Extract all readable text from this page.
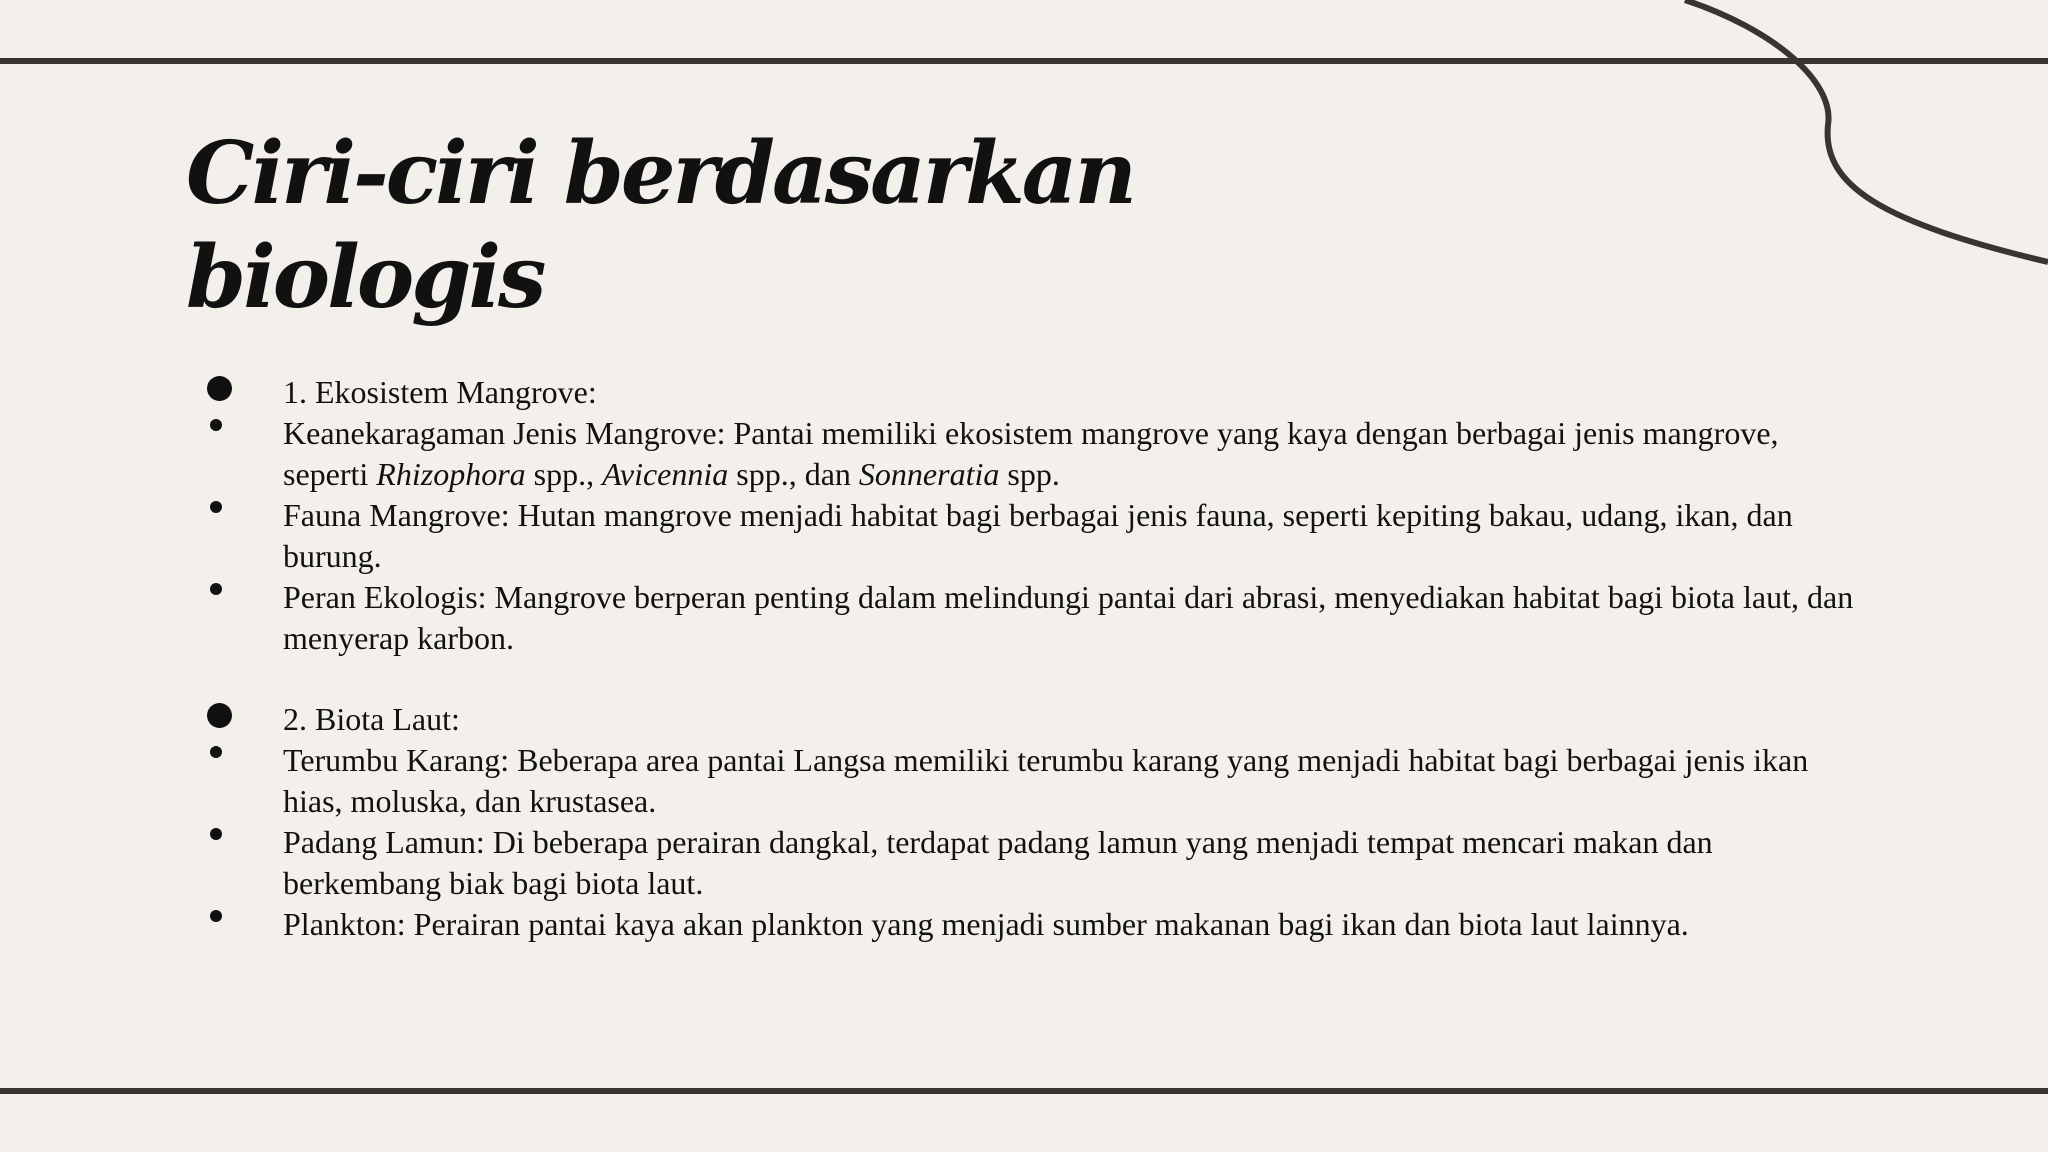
Ciri-ciri berdasarkan
biologis
1. Ekosistem Mangrove:
Keanekaragaman Jenis Mangrove: Pantai memiliki ekosistem mangrove yang kaya dengan berbagai jenis mangrove, seperti Rhizophora spp., Avicennia spp., dan Sonneratia spp.
Fauna Mangrove: Hutan mangrove menjadi habitat bagi berbagai jenis fauna, seperti kepiting bakau, udang, ikan, dan burung.
Peran Ekologis: Mangrove berperan penting dalam melindungi pantai dari abrasi, menyediakan habitat bagi biota laut, dan menyerap karbon.
2. Biota Laut:
Terumbu Karang: Beberapa area pantai Langsa memiliki terumbu karang yang menjadi habitat bagi berbagai jenis ikan hias, moluska, dan krustasea.
Padang Lamun: Di beberapa perairan dangkal, terdapat padang lamun yang menjadi tempat mencari makan dan berkembang biak bagi biota laut.
Plankton: Perairan pantai kaya akan plankton yang menjadi sumber makanan bagi ikan dan biota laut lainnya.
